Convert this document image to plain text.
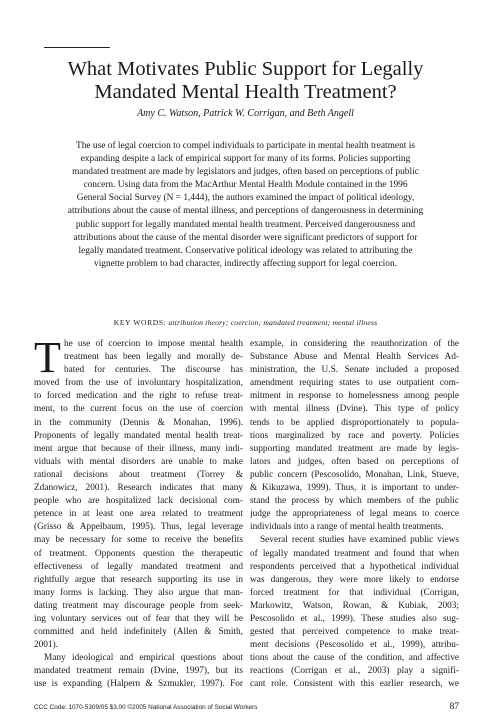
What Motivates Public Support for Legally
Mandated Mental Health Treatment?
Amy C. Watson, Patrick W. Corrigan, and Beth Angell
The use of legal coercion to compel individuals to participate in mental health treatment is
expanding despite a lack of empirical support for many of its forms. Policies supporting
mandated treatment are made by legislators and judges, often based on perceptions of public
concern. Using data from the MacArthur Mental Health Module contained in the 1996
General Social Survey (N = 1,444), the authors examined the impact of political ideology,
attributions about the cause of mental illness, and perceptions of dangerousness in determining
public support for legally mandated mental health treatment. Perceived dangerousness and
attributions about the cause of the mental disorder were significant predictors of support for
legally mandated treatment. Conservative political ideology was related to attributing the
vignette problem to bad character, indirectly affecting support for legal coercion.
KEY WORDS: attribution theory; coercion; mandated treatment; mental illness
T he use of coercion to impose mental health
treatment has been legally and morally de-
bated for centuries. The discourse has
moved from the use of involuntary hospitalization,
to forced medication and the right to refuse treat-
ment, to the current focus on the use of coercion
in the community (Dennis & Monahan, 1996).
Proponents of legally mandated mental health treat-
ment argue that because of their illness, many indi-
viduals with mental disorders are unable to make
rational decisions about treatment (Torrey &
Zdanowicz, 2001). Research indicates that many
people who are hospitalized lack decisional com-
petence in at least one area related to treatment
(Grisso & Appelbaum, 1995). Thus, legal leverage
may be necessary for some to receive the benefits
of treatment. Opponents question the therapeutic
effectiveness of legally mandated treatment and
rightfully argue that research supporting its use in
many forms is lacking. They also argue that man-
dating treatment may discourage people from seek-
ing voluntary services out of fear that they will be
committed and held indefinitely (Allen & Smith,
2001).
Many ideological and empirical questions about
mandated treatment remain (Dvine, 1997), but its
use is expanding (Halpern & Szmukler, 1997). For
example, in considering the reauthorization of the
Substance Abuse and Mental Health Services Ad-
ministration, the U.S. Senate included a proposed
amendment requiring states to use outpatient com-
mitment in response to homelessness among people
with mental illness (Dvine). This type of policy
tends to be applied disproportionately to popula-
tions marginalized by race and poverty. Policies
supporting mandated treatment are made by legis-
lators and judges, often based on perceptions of
public concern (Pescosolido, Monahan, Link, Stueve,
& Kikuzawa, 1999). Thus, it is important to under-
stand the process by which members of the public
judge the appropriateness of legal means to coerce
individuals into a range of mental health treatments.
Several recent studies have examined public views
of legally mandated treatment and found that when
respondents perceived that a hypothetical individual
was dangerous, they were more likely to endorse
forced treatment for that individual (Corrigan,
Markowitz, Watson, Rowan, & Kubiak, 2003;
Pescosolido et al., 1999). These studies also sug-
gested that perceived competence to make treat-
ment decisions (Pescosolido et al., 1999), attribu-
tions about the cause of the condition, and affective
reactions (Corrigan et al., 2003) play a signifi-
cant role. Consistent with this earlier research, we
CCC Code: 1070-5309/05 $3.00 ©2005 National Association of Social Workers	87
